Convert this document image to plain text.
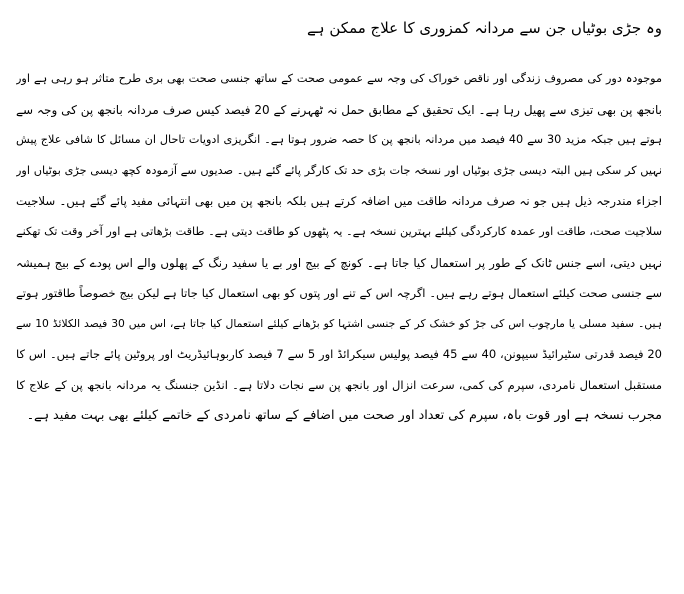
وہ جڑی بوٹیاں جن سے مردانہ کمزوری کا علاج ممکن ہے
موجودہ دور کی مصروف زندگی اور ناقص خوراک کی وجہ سے عمومی صحت کے ساتھ جنسی صحت بھی بری طرح متاثر ہو رہی ہے اور
بانجھ پن بھی تیزی سے پھیل رہا ہے۔ ایک تحقیق کے مطابق حمل نہ ٹھہرنے کے 20 فیصد کیس صرف مردانہ بانجھ پن کی وجہ سے
ہوتے ہیں جبکہ مزید 30 سے 40 فیصد میں مردانہ بانجھ پن کا حصہ ضرور ہوتا ہے۔ انگریزی ادویات تاحال ان مسائل کا شافی علاج پیش
نہیں کر سکی ہیں البتہ دیسی جڑی بوٹیاں اور نسخہ جات بڑی حد تک کارگر پائے گئے ہیں۔ صدیوں سے آزمودہ کچھ دیسی جڑی بوٹیاں اور
اجزاء مندرجہ ذیل ہیں جو نہ صرف مردانہ طاقت میں اضافہ کرتے ہیں بلکہ بانجھ پن میں بھی انتہائی مفید پائے گئے ہیں۔ سلاجیت
سلاجیت صحت، طاقت اور عمدہ کارکردگی کیلئے بہترین نسخہ ہے۔ یہ پٹھوں کو طاقت دیتی ہے۔ طاقت بڑھاتی ہے اور آخر وقت تک تھکنے
نہیں دیتی، اسے جنس ٹانک کے طور پر استعمال کیا جاتا ہے۔ کونچ کے بیج اور بے یا سفید رنگ کے پھلوں والے اس پودے کے بیج ہمیشہ
سے جنسی صحت کیلئے استعمال ہوتے رہے ہیں۔ اگرچہ اس کے تنے اور پتوں کو بھی استعمال کیا جاتا ہے لیکن بیج خصوصاً طاقتور ہوتے
ہیں۔ سفید مسلی یا مارچوب اس کی جڑ کو خشک کر کے جنسی اشتہا کو بڑھانے کیلئے استعمال کیا جاتا ہے، اس میں 30 فیصد الکلائڈ 10 سے
20 فیصد قدرتی سٹیرائیڈ سیپونن، 40 سے 45 فیصد پولیس سیکرائڈ اور 5 سے 7 فیصد کاربوہائیڈریٹ اور پروٹین پائے جاتے ہیں۔ اس کا
مستقبل استعمال نامردی، سپرم کی کمی، سرعت انزال اور بانجھ پن سے نجات دلاتا ہے۔ انڈین جنسنگ یہ مردانہ بانجھ پن کے علاج کا
مجرب نسخہ ہے اور قوت باہ، سپرم کی تعداد اور صحت میں اضافے کے ساتھ نامردی کے خاتمے کیلئے بھی بہت مفید ہے۔
